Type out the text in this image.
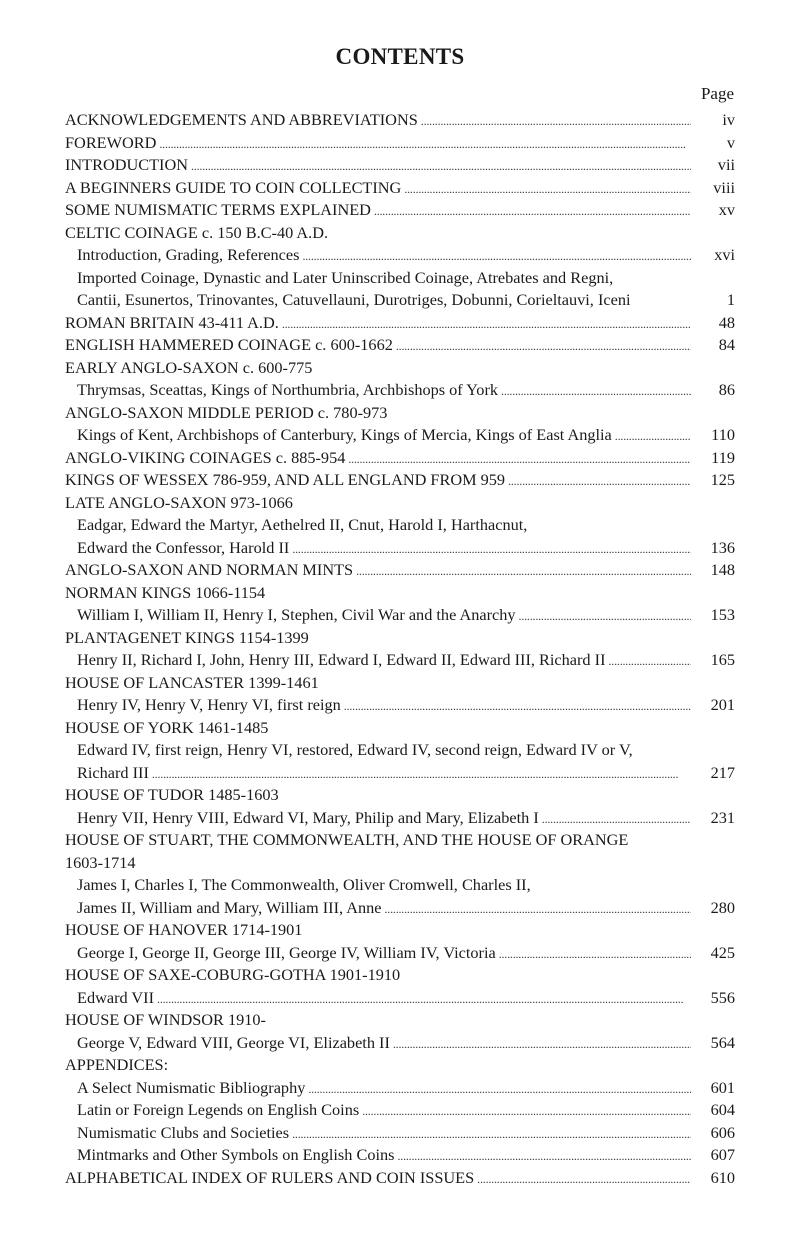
CONTENTS
Page
ACKNOWLEDGEMENTS AND ABBREVIATIONS . . .	iv
FOREWORD . . .	v
INTRODUCTION . . .	vii
A BEGINNERS GUIDE TO COIN COLLECTING . . .	viii
SOME NUMISMATIC TERMS EXPLAINED . . .	xv
CELTIC COINAGE c. 150 B.C-40 A.D.
Introduction, Grading, References . . .	xvi
Imported Coinage, Dynastic and Later Uninscribed Coinage, Atrebates and Regni,
Cantii, Esunertos, Trinovantes, Catuvellauni, Durotriges, Dobunni, Corieltauvi, Iceni	1
ROMAN BRITAIN 43-411 A.D. . . .	48
ENGLISH HAMMERED COINAGE c. 600-1662 . . .	84
EARLY ANGLO-SAXON c. 600-775
Thrymsas, Sceattas, Kings of Northumbria, Archbishops of York . . .	86
ANGLO-SAXON MIDDLE PERIOD c. 780-973
Kings of Kent, Archbishops of Canterbury, Kings of Mercia, Kings of East Anglia . . .	110
ANGLO-VIKING COINAGES c. 885-954 . . .	119
KINGS OF WESSEX 786-959, AND ALL ENGLAND FROM 959 . . .	125
LATE ANGLO-SAXON 973-1066
Eadgar, Edward the Martyr, Aethelred II, Cnut, Harold I, Harthacnut,
Edward the Confessor, Harold II . . .	136
ANGLO-SAXON AND NORMAN MINTS . . .	148
NORMAN KINGS 1066-1154
William I, William II, Henry I, Stephen, Civil War and the Anarchy . . .	153
PLANTAGENET KINGS 1154-1399
Henry II, Richard I, John, Henry III, Edward I, Edward II, Edward III, Richard II . . .	165
HOUSE OF LANCASTER 1399-1461
Henry IV, Henry V, Henry VI, first reign . . .	201
HOUSE OF YORK 1461-1485
Edward IV, first reign, Henry VI, restored, Edward IV, second reign, Edward IV or V,
Richard III . . .	217
HOUSE OF TUDOR 1485-1603
Henry VII, Henry VIII, Edward VI, Mary, Philip and Mary, Elizabeth I . . .	231
HOUSE OF STUART, THE COMMONWEALTH, AND THE HOUSE OF ORANGE
1603-1714
James I, Charles I, The Commonwealth, Oliver Cromwell, Charles II,
James II, William and Mary, William III, Anne . . .	280
HOUSE OF HANOVER 1714-1901
George I, George II, George III, George IV, William IV, Victoria . . .	425
HOUSE OF SAXE-COBURG-GOTHA 1901-1910
Edward VII . . .	556
HOUSE OF WINDSOR 1910-
George V, Edward VIII, George VI, Elizabeth II . . .	564
APPENDICES:
A Select Numismatic Bibliography . . .	601
Latin or Foreign Legends on English Coins . . .	604
Numismatic Clubs and Societies . . .	606
Mintmarks and Other Symbols on English Coins . . .	607
ALPHABETICAL INDEX OF RULERS AND COIN ISSUES . . .	610
